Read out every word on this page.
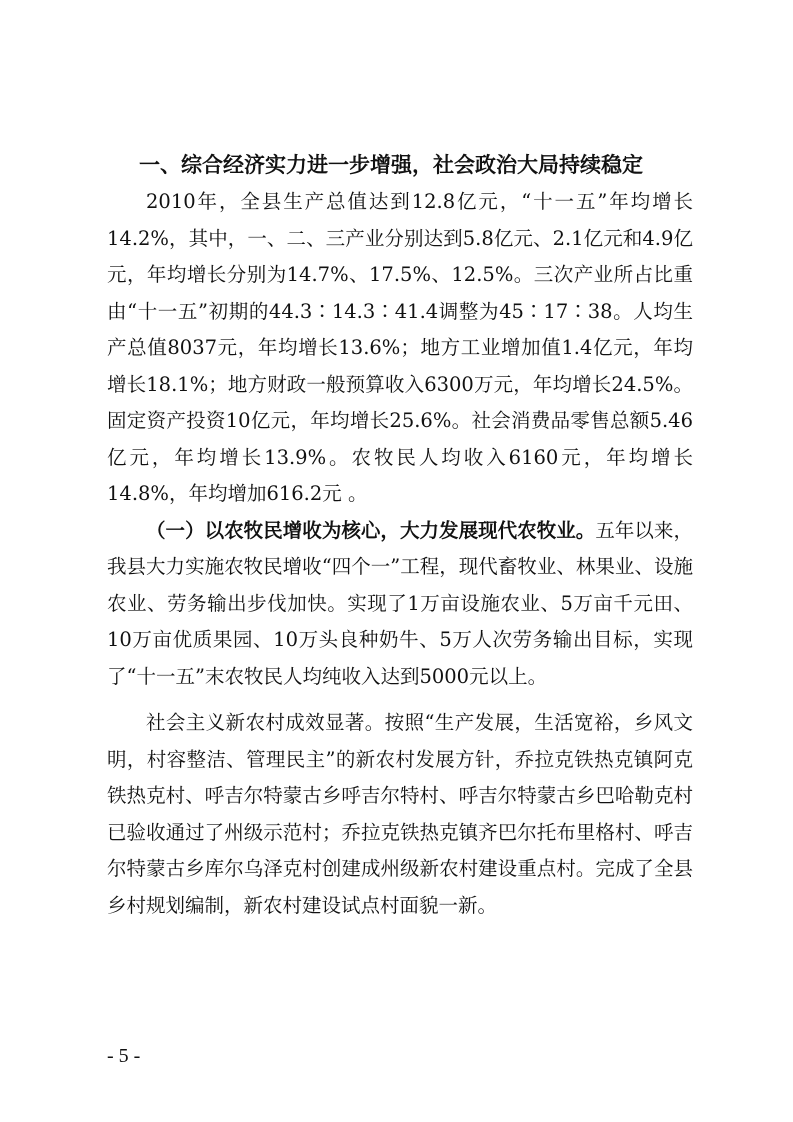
一、综合经济实力进一步增强，社会政治大局持续稳定

2010年，全县生产总值达到12.8亿元，“十一五”年均增长14.2%，其中，一、二、三产业分别达到5.8亿元、2.1亿元和4.9亿元，年均增长分别为14.7%、17.5%、12.5%。三次产业所占比重由“十一五”初期的44.3∶14.3∶41.4调整为45∶17∶38。人均生产总值8037元，年均增长13.6%；地方工业增加值1.4亿元，年均增长18.1%；地方财政一般预算收入6300万元，年均增长24.5%。固定资产投资10亿元，年均增长25.6%。社会消费品零售总额5.46亿元，年均增长13.9%。农牧民人均收入6160元，年均增长14.8%，年均增加616.2元 。

（一）以农牧民增收为核心，大力发展现代农牧业。五年以来，我县大力实施农牧民增收“四个一”工程，现代畜牧业、林果业、设施农业、劳务输出步伐加快。实现了1万亩设施农业、5万亩千元田、10万亩优质果园、10万头良种奶牛、5万人次劳务输出目标，实现了“十一五”末农牧民人均纯收入达到5000元以上。

社会主义新农村成效显著。按照“生产发展，生活宽裕，乡风文明，村容整洁、管理民主”的新农村发展方针，乔拉克铁热克镇阿克铁热克村、呼吉尔特蒙古乡呼吉尔特村、呼吉尔特蒙古乡巴哈勒克村已验收通过了州级示范村；乔拉克铁热克镇齐巴尔托布里格村、呼吉尔特蒙古乡库尔乌泽克村创建成州级新农村建设重点村。完成了全县乡村规划编制，新农村建设试点村面貌一新。

- 5 -
